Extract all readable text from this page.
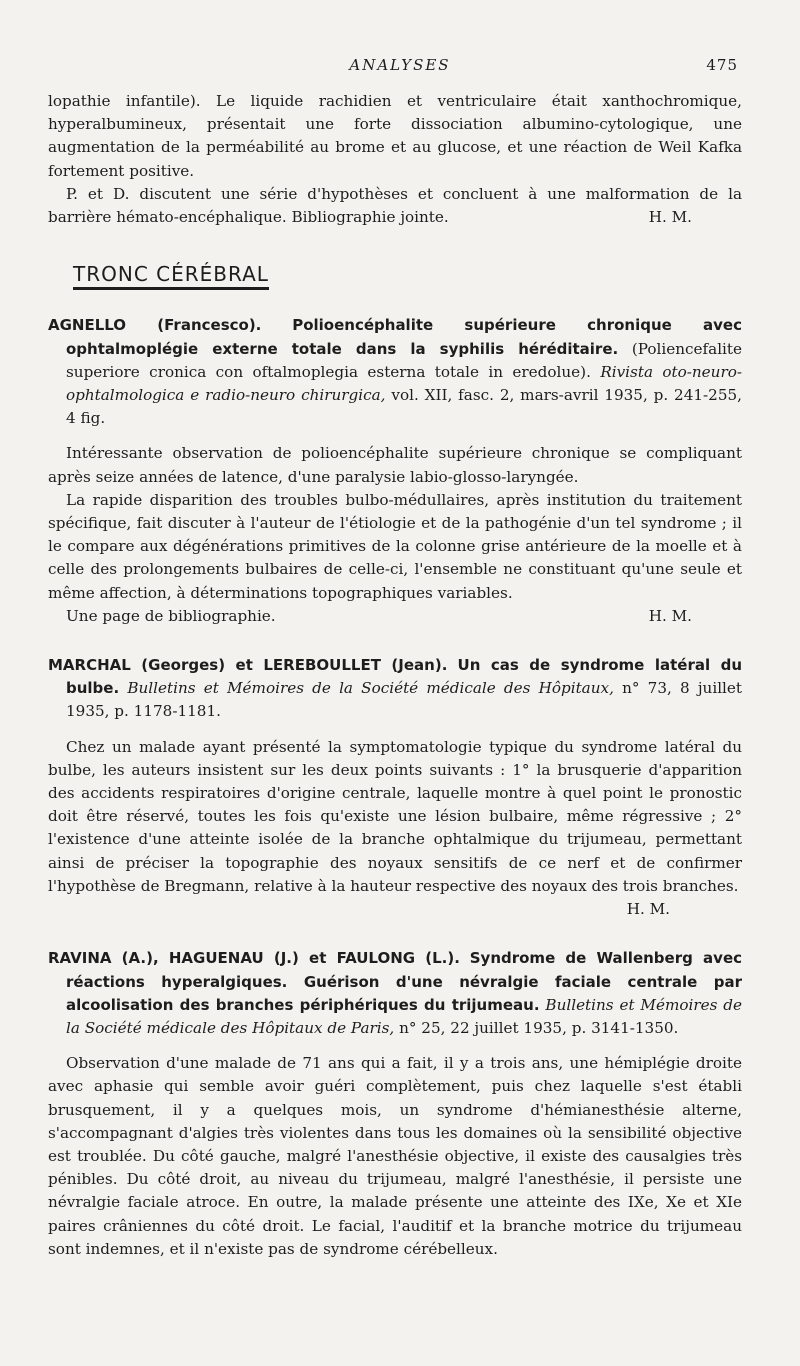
ANALYSES	475

lopathie infantile). Le liquide rachidien et ventriculaire était xanthochromique, hyperalbumineux, présentait une forte dissociation albumino-cytologique, une augmentation de la perméabilité au brome et au glucose, et une réaction de Weil Kafka fortement positive.

P. et D. discutent une série d'hypothèses et concluent à une malformation de la barrière hémato-encéphalique. Bibliographie jointe.	H. M.

TRONC CÉRÉBRAL

AGNELLO (Francesco). Polioencéphalite supérieure chronique avec ophtalmoplégie externe totale dans la syphilis héréditaire. (Poliencefalite superiore cronica con oftalmoplegia esterna totale in eredolue). Rivista oto-neuro-ophtalmologica e radio-neuro chirurgica, vol. XII, fasc. 2, mars-avril 1935, p. 241-255, 4 fig.

Intéressante observation de polioencéphalite supérieure chronique se compliquant après seize années de latence, d'une paralysie labio-glosso-laryngée.

La rapide disparition des troubles bulbo-médullaires, après institution du traitement spécifique, fait discuter à l'auteur de l'étiologie et de la pathogénie d'un tel syndrome ; il le compare aux dégénérations primitives de la colonne grise antérieure de la moelle et à celle des prolongements bulbaires de celle-ci, l'ensemble ne constituant qu'une seule et même affection, à déterminations topographiques variables.

Une page de bibliographie.	H. M.

MARCHAL (Georges) et LEREBOULLET (Jean). Un cas de syndrome latéral du bulbe. Bulletins et Mémoires de la Société médicale des Hôpitaux, n° 73, 8 juillet 1935, p. 1178-1181.

Chez un malade ayant présenté la symptomatologie typique du syndrome latéral du bulbe, les auteurs insistent sur les deux points suivants : 1° la brusquerie d'apparition des accidents respiratoires d'origine centrale, laquelle montre à quel point le pronostic doit être réservé, toutes les fois qu'existe une lésion bulbaire, même régressive ; 2° l'existence d'une atteinte isolée de la branche ophtalmique du trijumeau, permettant ainsi de préciser la topographie des noyaux sensitifs de ce nerf et de confirmer l'hypothèse de Bregmann, relative à la hauteur respective des noyaux des trois branches.

H. M.

RAVINA (A.), HAGUENAU (J.) et FAULONG (L.). Syndrome de Wallenberg avec réactions hyperalgiques. Guérison d'une névralgie faciale centrale par alcoolisation des branches périphériques du trijumeau. Bulletins et Mémoires de la Société médicale des Hôpitaux de Paris, n° 25, 22 juillet 1935, p. 3141-1350.

Observation d'une malade de 71 ans qui a fait, il y a trois ans, une hémiplégie droite avec aphasie qui semble avoir guéri complètement, puis chez laquelle s'est établi brusquement, il y a quelques mois, un syndrome d'hémianesthésie alterne, s'accompagnant d'algies très violentes dans tous les domaines où la sensibilité objective est troublée. Du côté gauche, malgré l'anesthésie objective, il existe des causalgies très pénibles. Du côté droit, au niveau du trijumeau, malgré l'anesthésie, il persiste une névralgie faciale atroce. En outre, la malade présente une atteinte des IXe, Xe et XIe paires crâniennes du côté droit. Le facial, l'auditif et la branche motrice du trijumeau sont indemnes, et il n'existe pas de syndrome cérébelleux.
